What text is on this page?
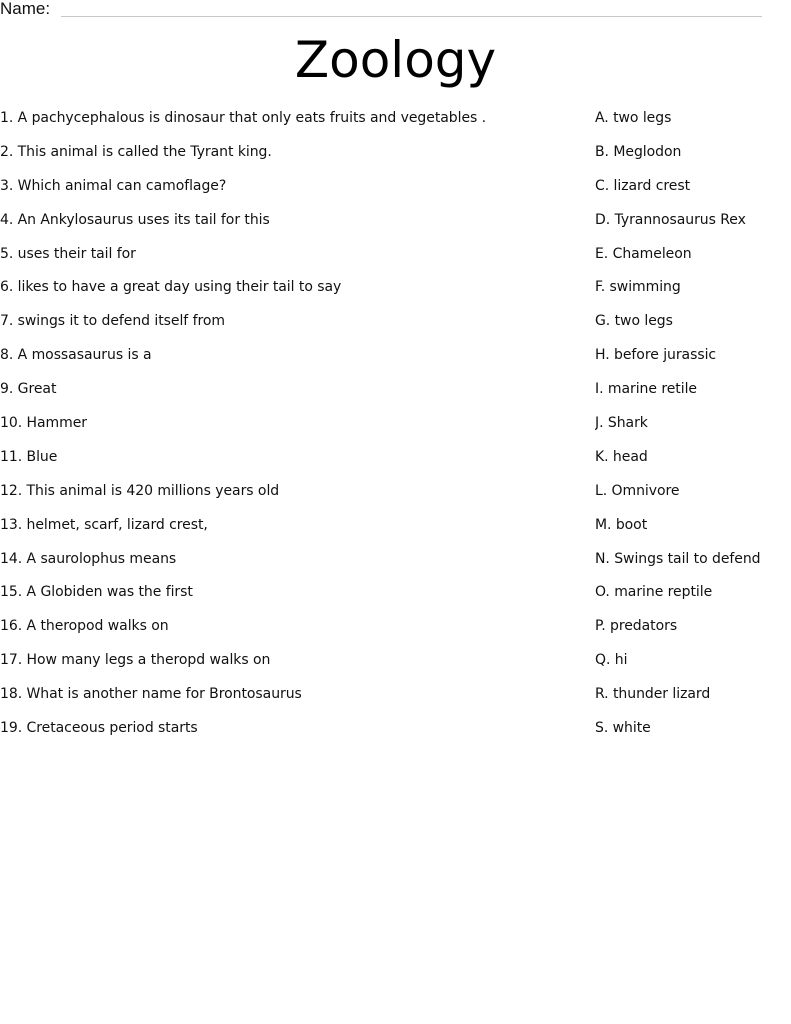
Name:
Zoology
1. A pachycephalous is dinosaur that only eats fruits and vegetables .
2. This animal is called the Tyrant king.
3. Which animal can camoflage?
4. An Ankylosaurus uses its tail for this
5. uses their tail for
6. likes to have a great day using their tail to say
7. swings it to defend itself from
8. A mossasaurus is a
9. Great
10. Hammer
11. Blue
12. This animal is 420 millions years old
13. helmet, scarf, lizard crest,
14. A saurolophus means
15. A Globiden was the first
16. A theropod walks on
17. How many legs a theropd walks on
18. What is another name for Brontosaurus
19. Cretaceous period starts
A. two legs
B. Meglodon
C. lizard crest
D. Tyrannosaurus Rex
E. Chameleon
F. swimming
G. two legs
H. before jurassic
I. marine retile
J. Shark
K. head
L. Omnivore
M. boot
N. Swings tail to defend
O. marine reptile
P. predators
Q. hi
R. thunder lizard
S. white
